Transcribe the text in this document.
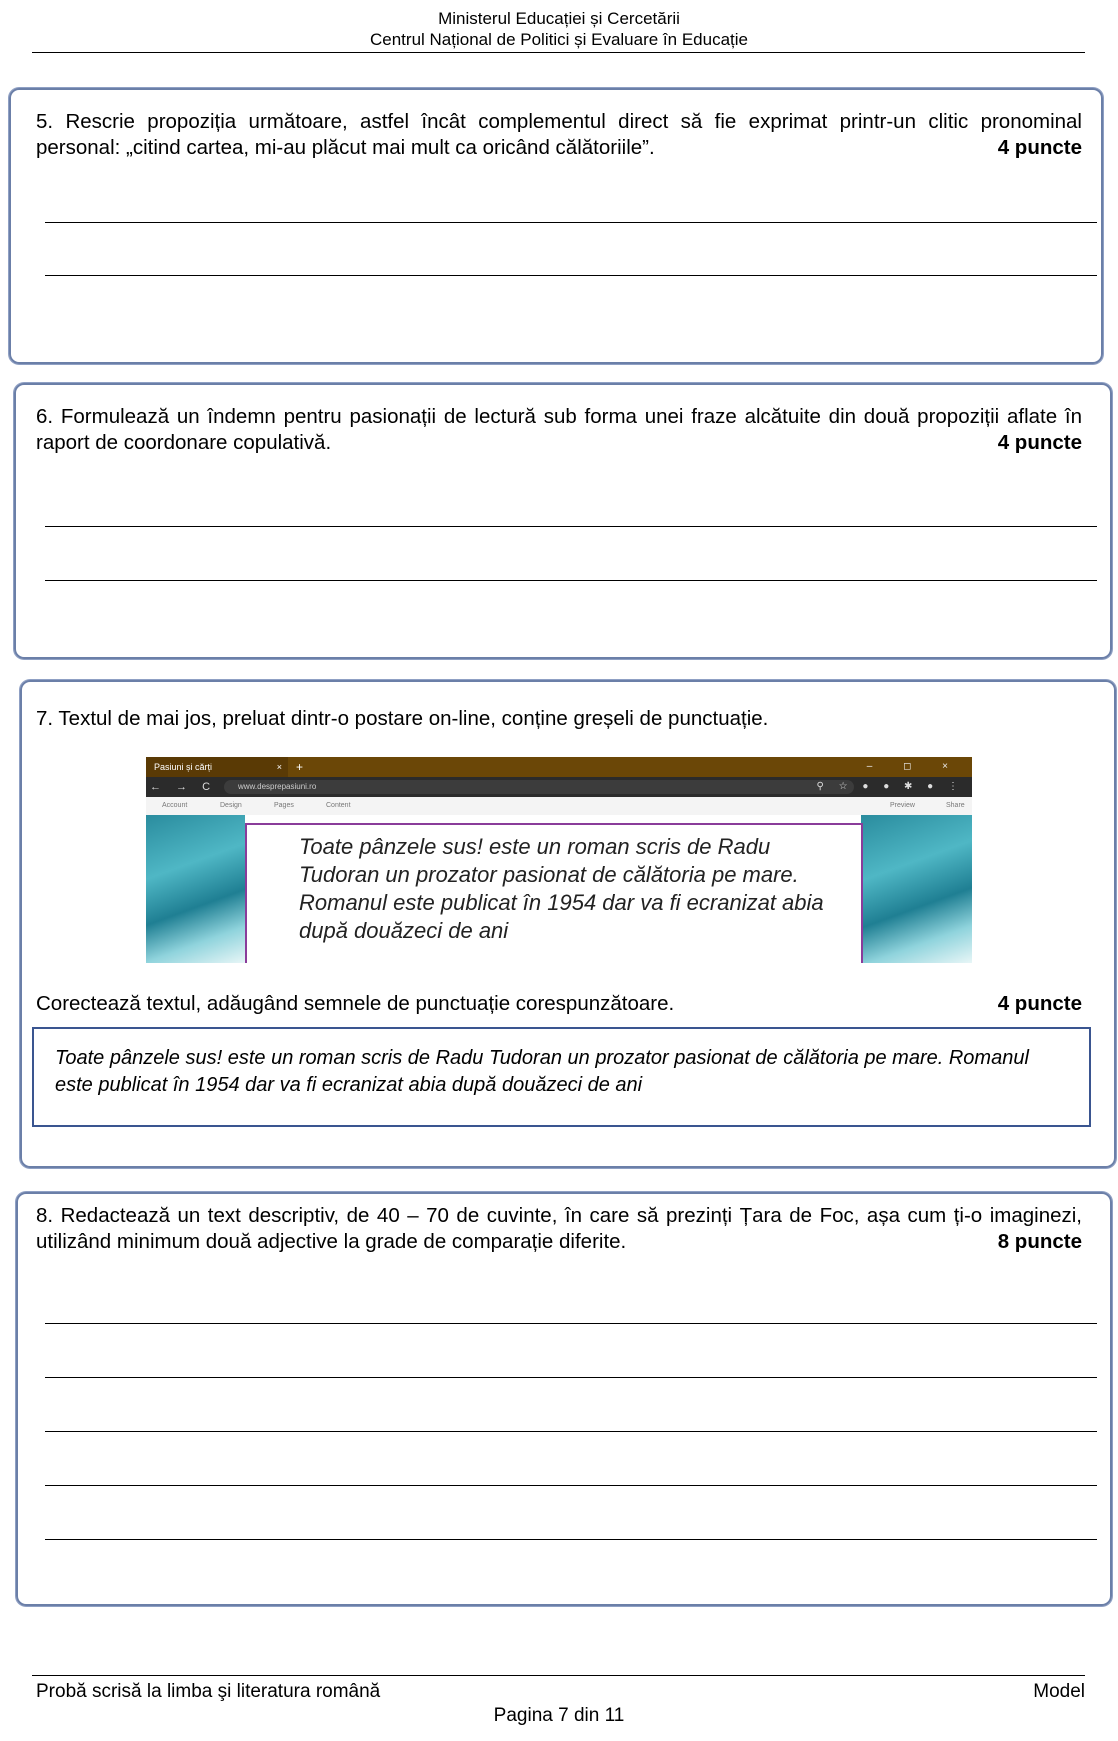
Ministerul Educației și Cercetării
Centrul Național de Politici și Evaluare în Educație
5. Rescrie propoziția următoare, astfel încât complementul direct să fie exprimat printr-un clitic pronominal personal: „citind cartea, mi-au plăcut mai mult ca oricând călătoriile”.	4 puncte
6. Formulează un îndemn pentru pasionații de lectură sub forma unei fraze alcătuite din două propoziții aflate în raport de coordonare copulativă.	4 puncte
7. Textul de mai jos, preluat dintr-o postare on-line, conține greșeli de punctuație.
Pasiuni și cărți	× +	– ◻ ×
← → C	www.desprepasiuni.ro	⚲ ☆ ● ● ✱ ● ⋮
Account	Design	Pages	Content	Preview	Share
Toate pânzele sus! este un roman scris de Radu Tudoran un prozator pasionat de călătoria pe mare. Romanul este publicat în 1954 dar va fi ecranizat abia după douăzeci de ani
Corectează textul, adăugând semnele de punctuație corespunzătoare.	4 puncte
Toate pânzele sus! este un roman scris de Radu Tudoran un prozator pasionat de călătoria pe mare. Romanul este publicat în 1954 dar va fi ecranizat abia după douăzeci de ani
8. Redactează un text descriptiv, de 40 – 70 de cuvinte, în care să prezinți Țara de Foc, așa cum ți-o imaginezi, utilizând minimum două adjective la grade de comparație diferite.	8 puncte
Probă scrisă la limba şi literatura română	Model
Pagina 7 din 11
